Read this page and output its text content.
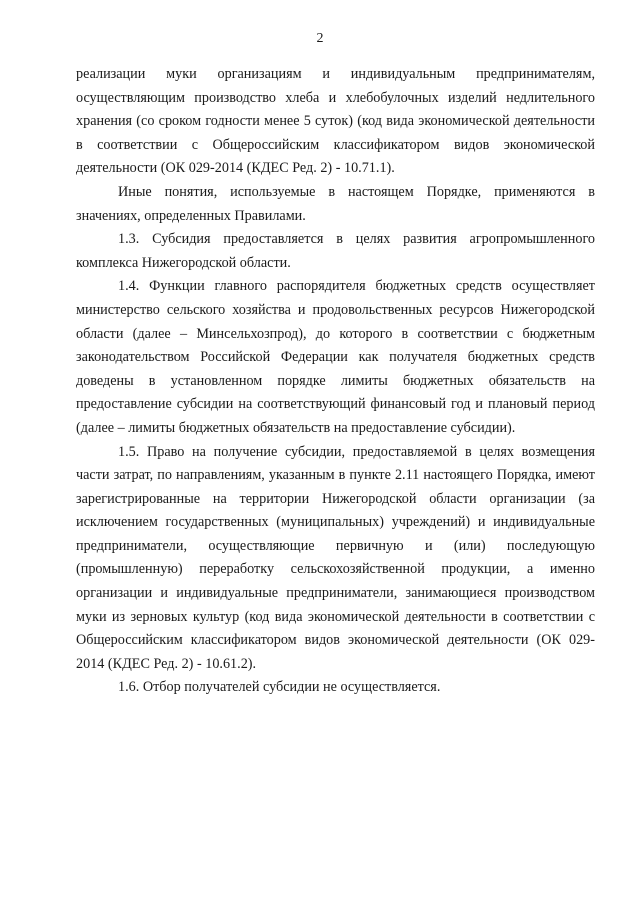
2

реализации муки организациям и индивидуальным предпринимателям, осуществляющим производство хлеба и хлебобулочных изделий недлительного хранения (со сроком годности менее 5 суток) (код вида экономической деятельности в соответствии с Общероссийским классификатором видов экономической деятельности (ОК 029-2014 (КДЕС Ред. 2) - 10.71.1).

Иные понятия, используемые в настоящем Порядке, применяются в значениях, определенных Правилами.

1.3. Субсидия предоставляется в целях развития агропромышленного комплекса Нижегородской области.

1.4. Функции главного распорядителя бюджетных средств осуществляет министерство сельского хозяйства и продовольственных ресурсов Нижегородской области (далее – Минсельхозпрод), до которого в соответствии с бюджетным законодательством Российской Федерации как получателя бюджетных средств доведены в установленном порядке лимиты бюджетных обязательств на предоставление субсидии на соответствующий финансовый год и плановый период (далее – лимиты бюджетных обязательств на предоставление субсидии).

1.5. Право на получение субсидии, предоставляемой в целях возмещения части затрат, по направлениям, указанным в пункте 2.11 настоящего Порядка, имеют зарегистрированные на территории Нижегородской области организации (за исключением государственных (муниципальных) учреждений) и индивидуальные предприниматели, осуществляющие первичную и (или) последующую (промышленную) переработку сельскохозяйственной продукции, а именно организации и индивидуальные предприниматели, занимающиеся производством муки из зерновых культур (код вида экономической деятельности в соответствии с Общероссийским классификатором видов экономической деятельности (ОК 029-2014 (КДЕС Ред. 2) - 10.61.2).

1.6. Отбор получателей субсидии не осуществляется.
